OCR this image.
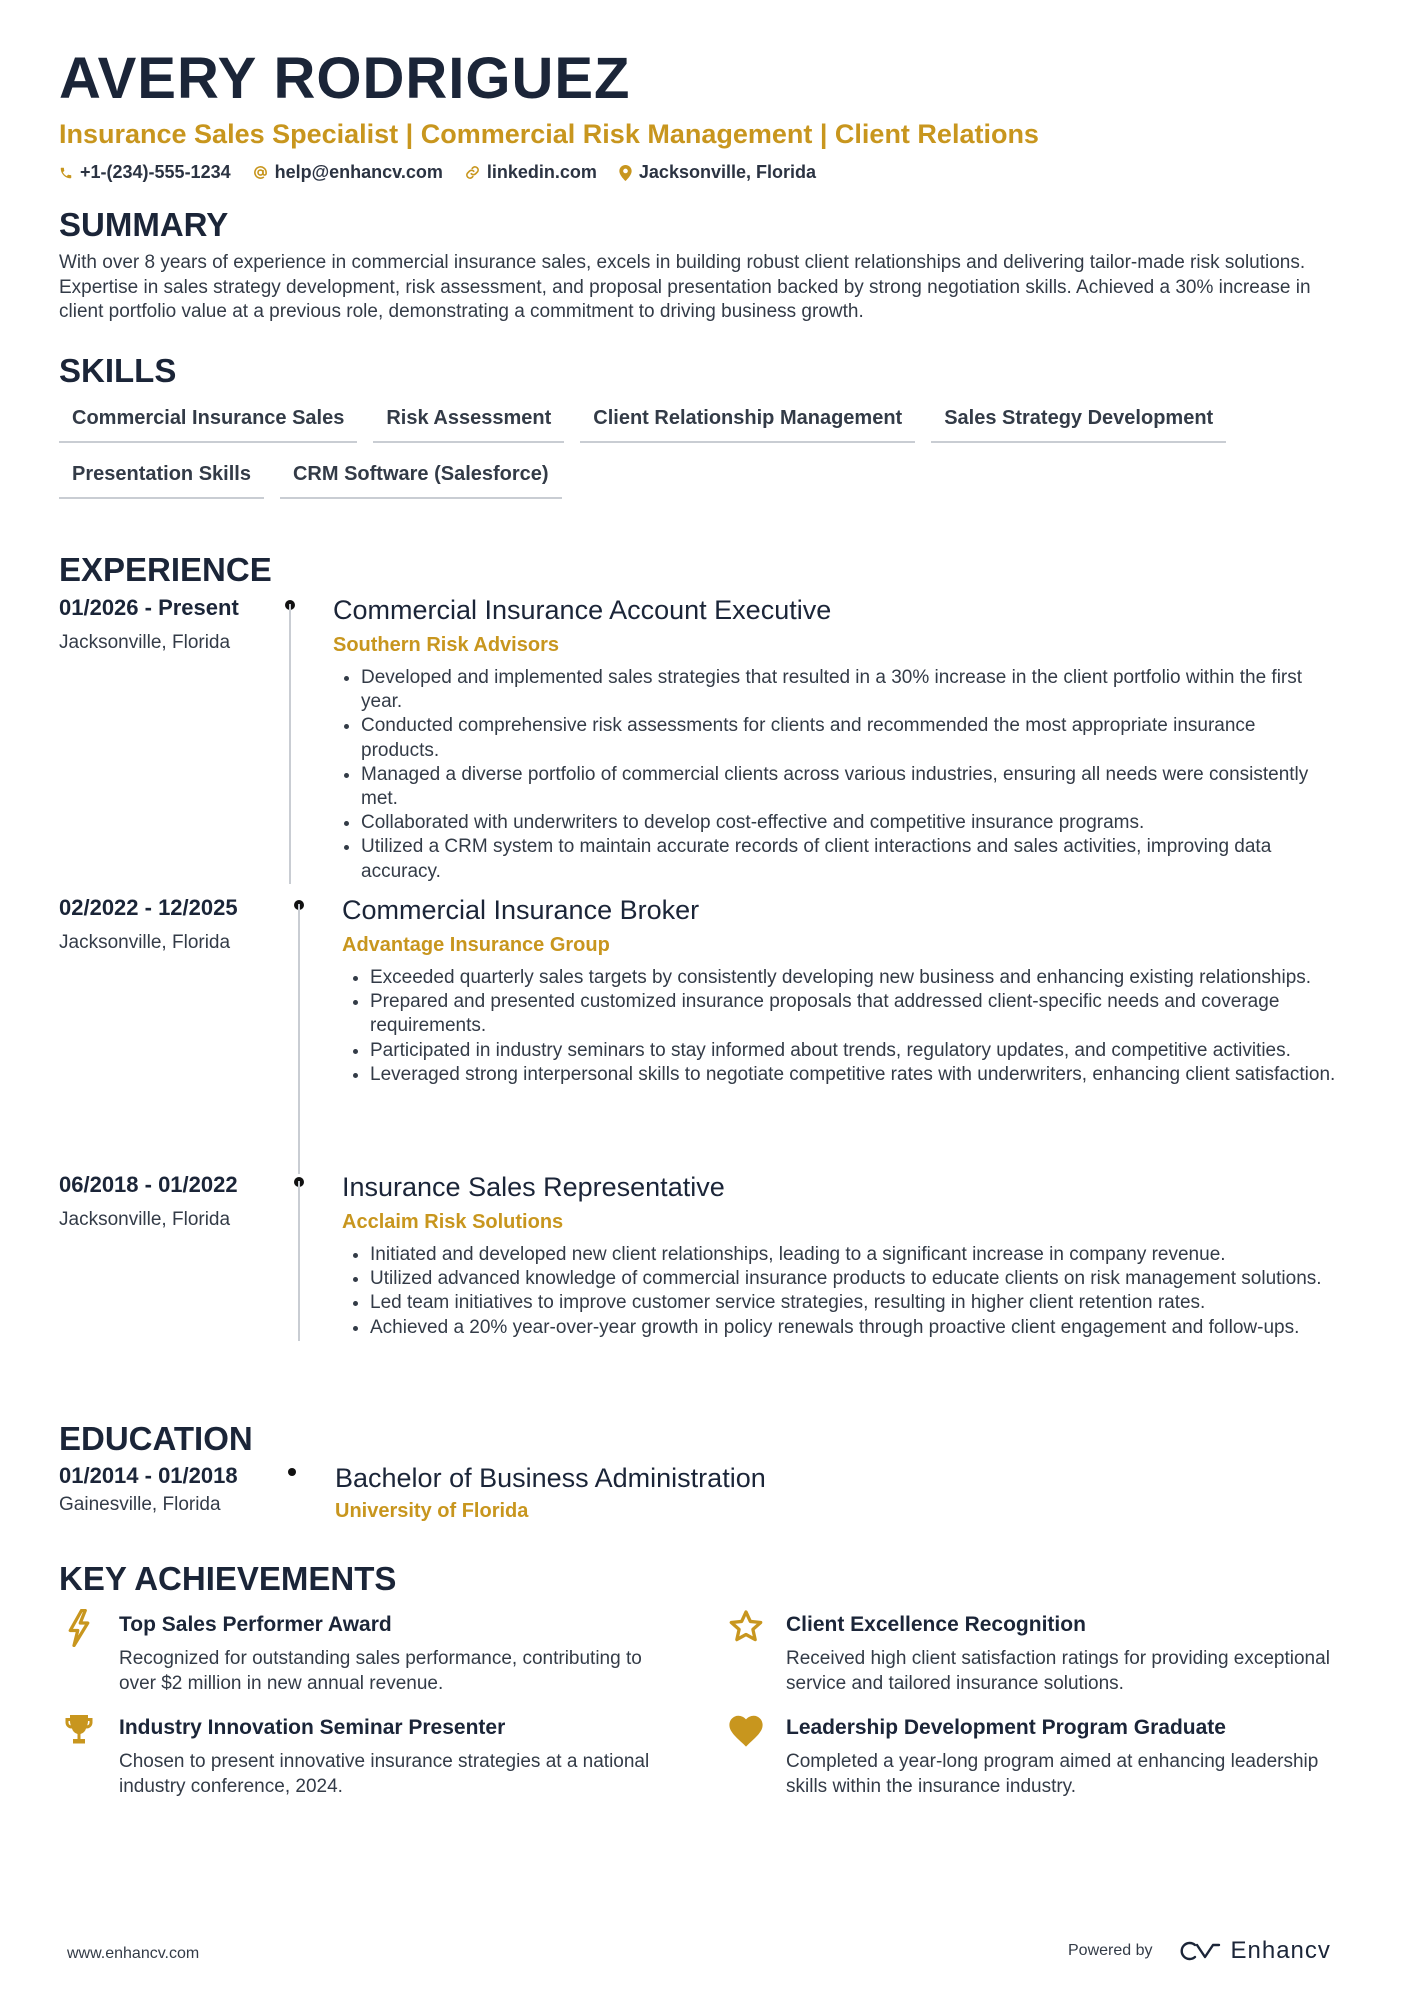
AVERY RODRIGUEZ
Insurance Sales Specialist | Commercial Risk Management | Client Relations
+1-(234)-555-1234 help@enhancv.com linkedin.com Jacksonville, Florida
SUMMARY
With over 8 years of experience in commercial insurance sales, excels in building robust client relationships and delivering tailor-made risk solutions. Expertise in sales strategy development, risk assessment, and proposal presentation backed by strong negotiation skills. Achieved a 30% increase in client portfolio value at a previous role, demonstrating a commitment to driving business growth.
SKILLS
Commercial Insurance Sales	Risk Assessment	Client Relationship Management	Sales Strategy Development
Presentation Skills	CRM Software (Salesforce)
EXPERIENCE
01/2026 - Present
Jacksonville, Florida
Commercial Insurance Account Executive
Southern Risk Advisors
• Developed and implemented sales strategies that resulted in a 30% increase in the client portfolio within the first year.
• Conducted comprehensive risk assessments for clients and recommended the most appropriate insurance products.
• Managed a diverse portfolio of commercial clients across various industries, ensuring all needs were consistently met.
• Collaborated with underwriters to develop cost-effective and competitive insurance programs.
• Utilized a CRM system to maintain accurate records of client interactions and sales activities, improving data accuracy.
02/2022 - 12/2025
Jacksonville, Florida
Commercial Insurance Broker
Advantage Insurance Group
• Exceeded quarterly sales targets by consistently developing new business and enhancing existing relationships.
• Prepared and presented customized insurance proposals that addressed client-specific needs and coverage requirements.
• Participated in industry seminars to stay informed about trends, regulatory updates, and competitive activities.
• Leveraged strong interpersonal skills to negotiate competitive rates with underwriters, enhancing client satisfaction.
06/2018 - 01/2022
Jacksonville, Florida
Insurance Sales Representative
Acclaim Risk Solutions
• Initiated and developed new client relationships, leading to a significant increase in company revenue.
• Utilized advanced knowledge of commercial insurance products to educate clients on risk management solutions.
• Led team initiatives to improve customer service strategies, resulting in higher client retention rates.
• Achieved a 20% year-over-year growth in policy renewals through proactive client engagement and follow-ups.
EDUCATION
01/2014 - 01/2018
Gainesville, Florida
Bachelor of Business Administration
University of Florida
KEY ACHIEVEMENTS
Top Sales Performer Award
Recognized for outstanding sales performance, contributing to over $2 million in new annual revenue.
Client Excellence Recognition
Received high client satisfaction ratings for providing exceptional service and tailored insurance solutions.
Industry Innovation Seminar Presenter
Chosen to present innovative insurance strategies at a national industry conference, 2024.
Leadership Development Program Graduate
Completed a year-long program aimed at enhancing leadership skills within the insurance industry.
www.enhancv.com	Powered by	Enhancv
